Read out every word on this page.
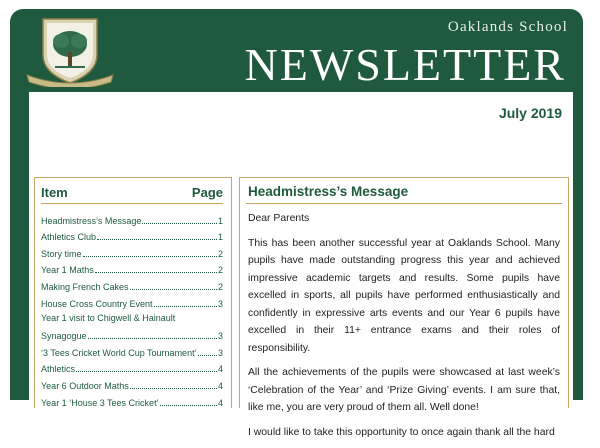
Oaklands School
NEWSLETTER
July 2019
Item	Page
Headmistress’s Message	1
Athletics Club	1
Story time	2
Year 1 Maths	2
Making French Cakes	2
House Cross Country Event	3
Year 1 visit to Chigwell & Hainault
Synagogue	3
‘3 Tees Cricket World Cup Tournament’ 3
Athletics	4
Year 6 Outdoor Maths	4
Year 1 ‘House 3 Tees Cricket’	4
Headmistress’s Message

Dear Parents

This has been another successful year at Oaklands School. Many pupils have made outstanding progress this year and achieved impressive academic targets and results. Some pupils have excelled in sports, all pupils have performed enthusiastically and confidently in expressive arts events and our Year 6 pupils have excelled in their 11+ entrance exams and their roles of responsibility.

All the achievements of the pupils were showcased at last week’s ‘Celebration of the Year’ and ‘Prize Giving’ events. I am sure that, like me, you are very proud of them all. Well done!

I would like to take this opportunity to once again thank all the hard
